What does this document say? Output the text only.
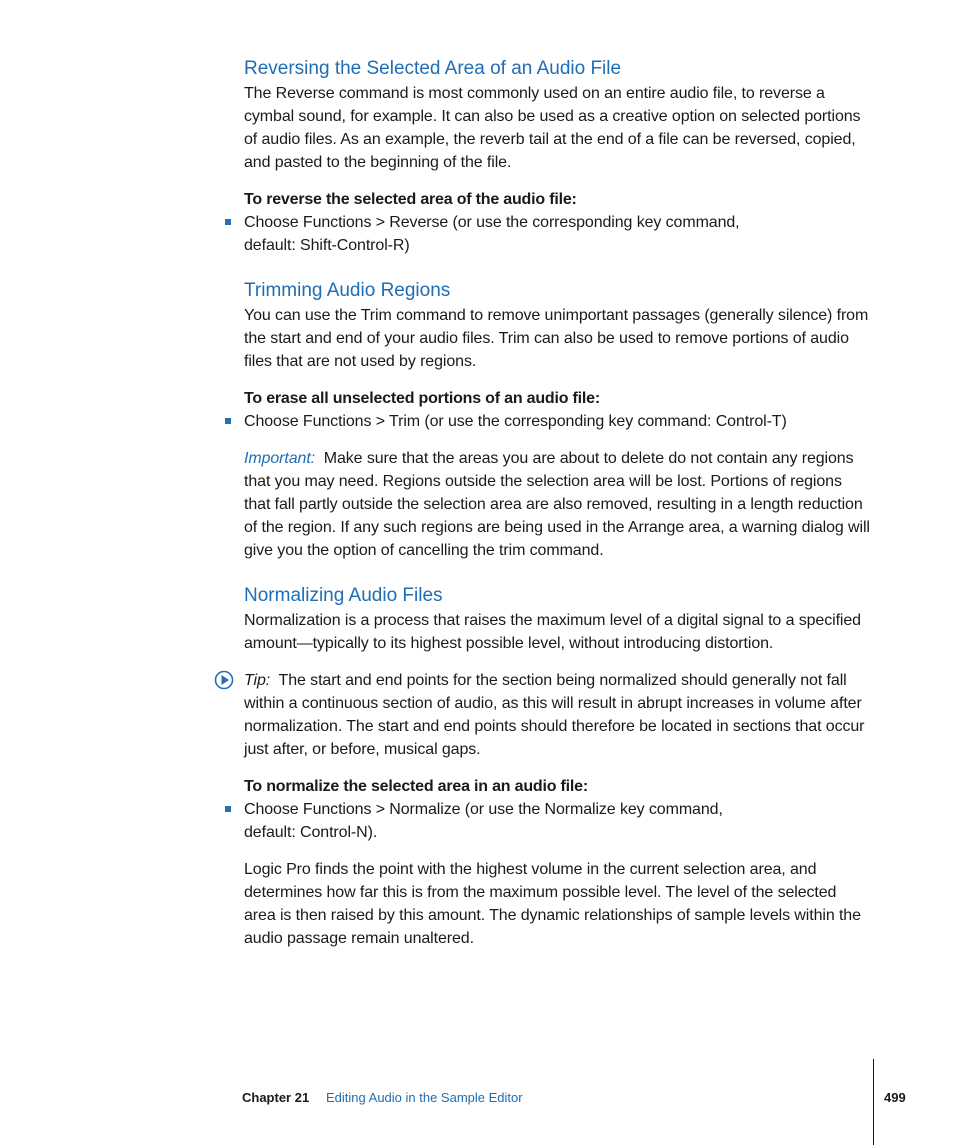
Reversing the Selected Area of an Audio File

The Reverse command is most commonly used on an entire audio file, to reverse a cymbal sound, for example. It can also be used as a creative option on selected portions of audio files. As an example, the reverb tail at the end of a file can be reversed, copied, and pasted to the beginning of the file.

To reverse the selected area of the audio file:

Choose Functions > Reverse (or use the corresponding key command,
default: Shift-Control-R)
Trimming Audio Regions

You can use the Trim command to remove unimportant passages (generally silence) from the start and end of your audio files. Trim can also be used to remove portions of audio files that are not used by regions.

To erase all unselected portions of an audio file:

Choose Functions > Trim (or use the corresponding key command: Control-T)

Important: Make sure that the areas you are about to delete do not contain any regions that you may need. Regions outside the selection area will be lost. Portions of regions that fall partly outside the selection area are also removed, resulting in a length reduction of the region. If any such regions are being used in the Arrange area, a warning dialog will give you the option of cancelling the trim command.

Normalizing Audio Files

Normalization is a process that raises the maximum level of a digital signal to a specified amount—typically to its highest possible level, without introducing distortion.

Tip: The start and end points for the section being normalized should generally not fall within a continuous section of audio, as this will result in abrupt increases in volume after normalization. The start and end points should therefore be located in sections that occur just after, or before, musical gaps.

To normalize the selected area in an audio file:

Choose Functions > Normalize (or use the Normalize key command,
default: Control-N).

Logic Pro finds the point with the highest volume in the current selection area, and determines how far this is from the maximum possible level. The level of the selected area is then raised by this amount. The dynamic relationships of sample levels within the audio passage remain unaltered.

Chapter 21 Editing Audio in the Sample Editor	499
